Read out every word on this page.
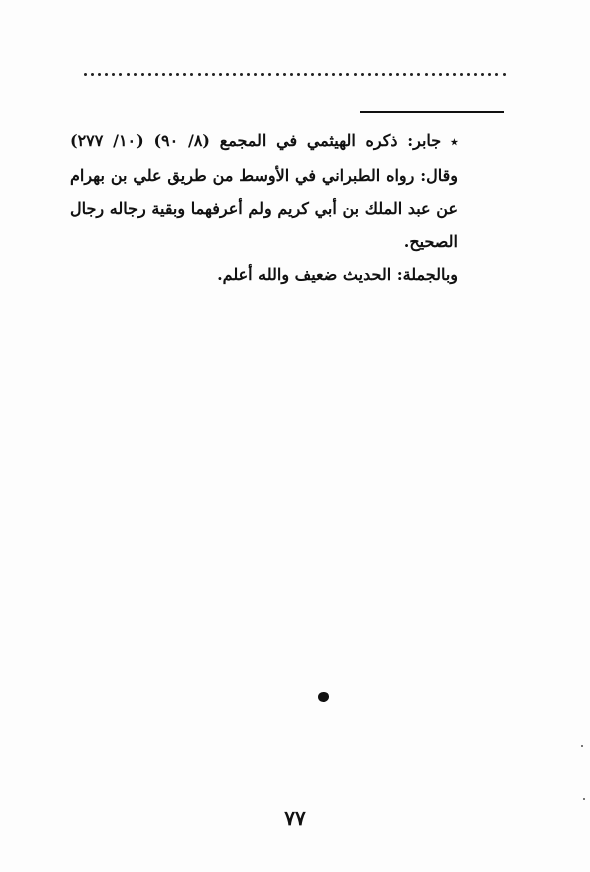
٭ جابر: ذكره الهيثمي في المجمع (٨/ ٩٠) (١٠/ ٢٧٧) وقال: رواه الطبراني في الأوسط من طريق علي بن بهرام عن عبد الملك بن أبي كريم ولم أعرفهما وبقية رجاله رجال الصحيح.

وبالجملة: الحديث ضعيف والله أعلم.

٧٧
